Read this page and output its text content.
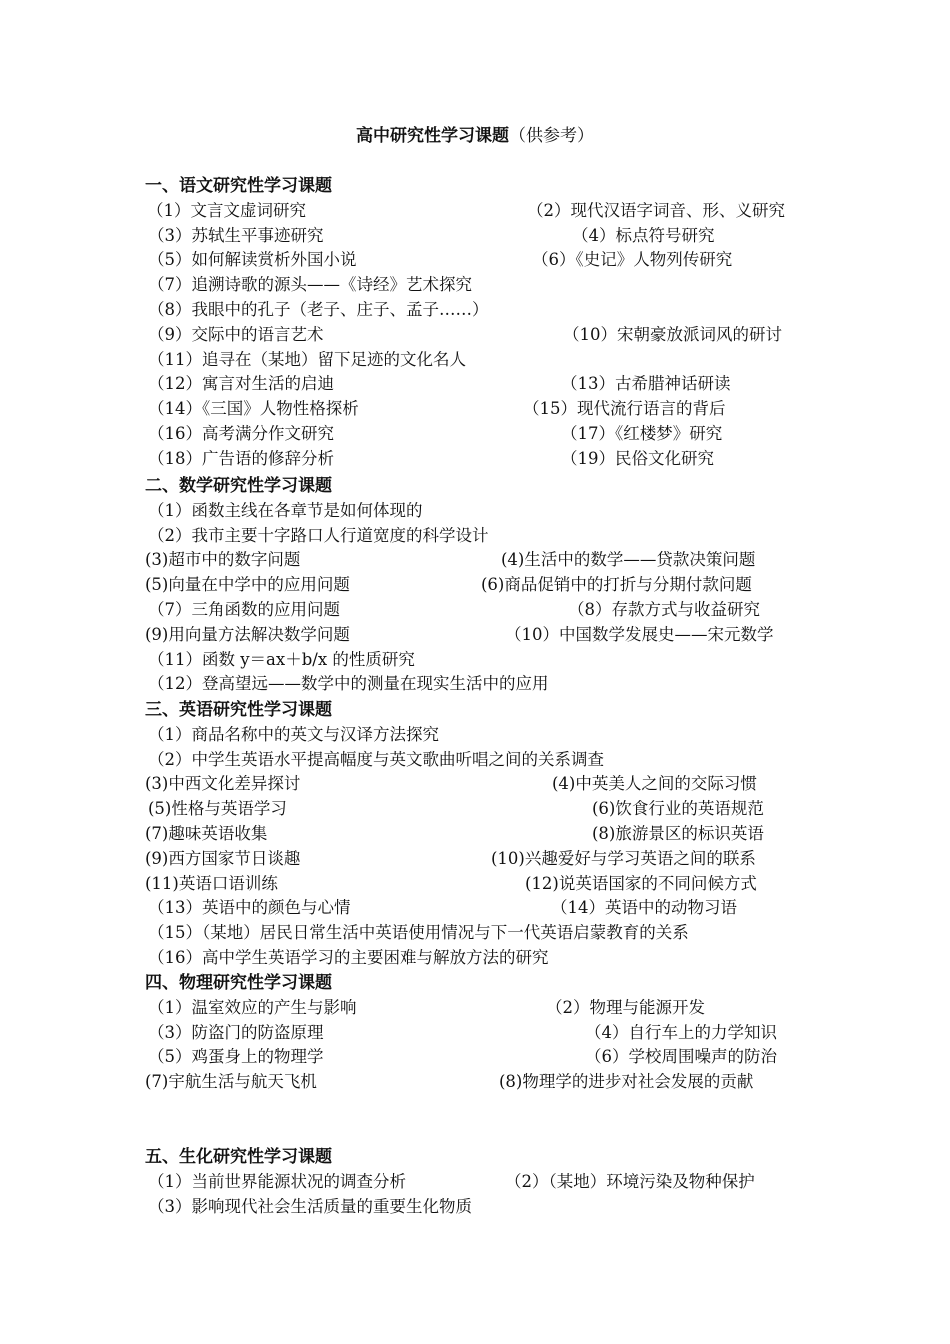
高中研究性学习课题（供参考）
一、语文研究性学习课题
（1）文言文虚词研究	（2）现代汉语字词音、形、义研究
（3）苏轼生平事迹研究	（4）标点符号研究
（5）如何解读赏析外国小说	（6）《史记》人物列传研究
（7）追溯诗歌的源头——《诗经》艺术探究
（8）我眼中的孔子（老子、庄子、孟子……）
（9）交际中的语言艺术	（10）宋朝豪放派词风的研讨
（11）追寻在（某地）留下足迹的文化名人
（12）寓言对生活的启迪	（13）古希腊神话研读
（14）《三国》人物性格探析	（15）现代流行语言的背后
（16）高考满分作文研究	（17）《红楼梦》研究
（18）广告语的修辞分析	（19）民俗文化研究
二、数学研究性学习课题
（1）函数主线在各章节是如何体现的
（2）我市主要十字路口人行道宽度的科学设计
(3)超市中的数字问题	(4)生活中的数学——贷款决策问题
(5)向量在中学中的应用问题	(6)商品促销中的打折与分期付款问题
（7）三角函数的应用问题	（8）存款方式与收益研究
(9)用向量方法解决数学问题	（10）中国数学发展史——宋元数学
（11）函数 y＝ax＋b/x 的性质研究
（12）登高望远——数学中的测量在现实生活中的应用
三、英语研究性学习课题
（1）商品名称中的英文与汉译方法探究
（2）中学生英语水平提高幅度与英文歌曲听唱之间的关系调查
(3)中西文化差异探讨	(4)中英美人之间的交际习惯
(5)性格与英语学习	(6)饮食行业的英语规范
(7)趣味英语收集	(8)旅游景区的标识英语
(9)西方国家节日谈趣	(10)兴趣爱好与学习英语之间的联系
(11)英语口语训练	(12)说英语国家的不同问候方式
（13）英语中的颜色与心情	（14）英语中的动物习语
（15）（某地）居民日常生活中英语使用情况与下一代英语启蒙教育的关系
（16）高中学生英语学习的主要困难与解放方法的研究
四、物理研究性学习课题
（1）温室效应的产生与影响	（2）物理与能源开发
（3）防盗门的防盗原理	（4）自行车上的力学知识
（5）鸡蛋身上的物理学	（6）学校周围噪声的防治
(7)宇航生活与航天飞机	(8)物理学的进步对社会发展的贡献
五、生化研究性学习课题
（1）当前世界能源状况的调查分析	（2）（某地）环境污染及物种保护
（3）影响现代社会生活质量的重要生化物质
